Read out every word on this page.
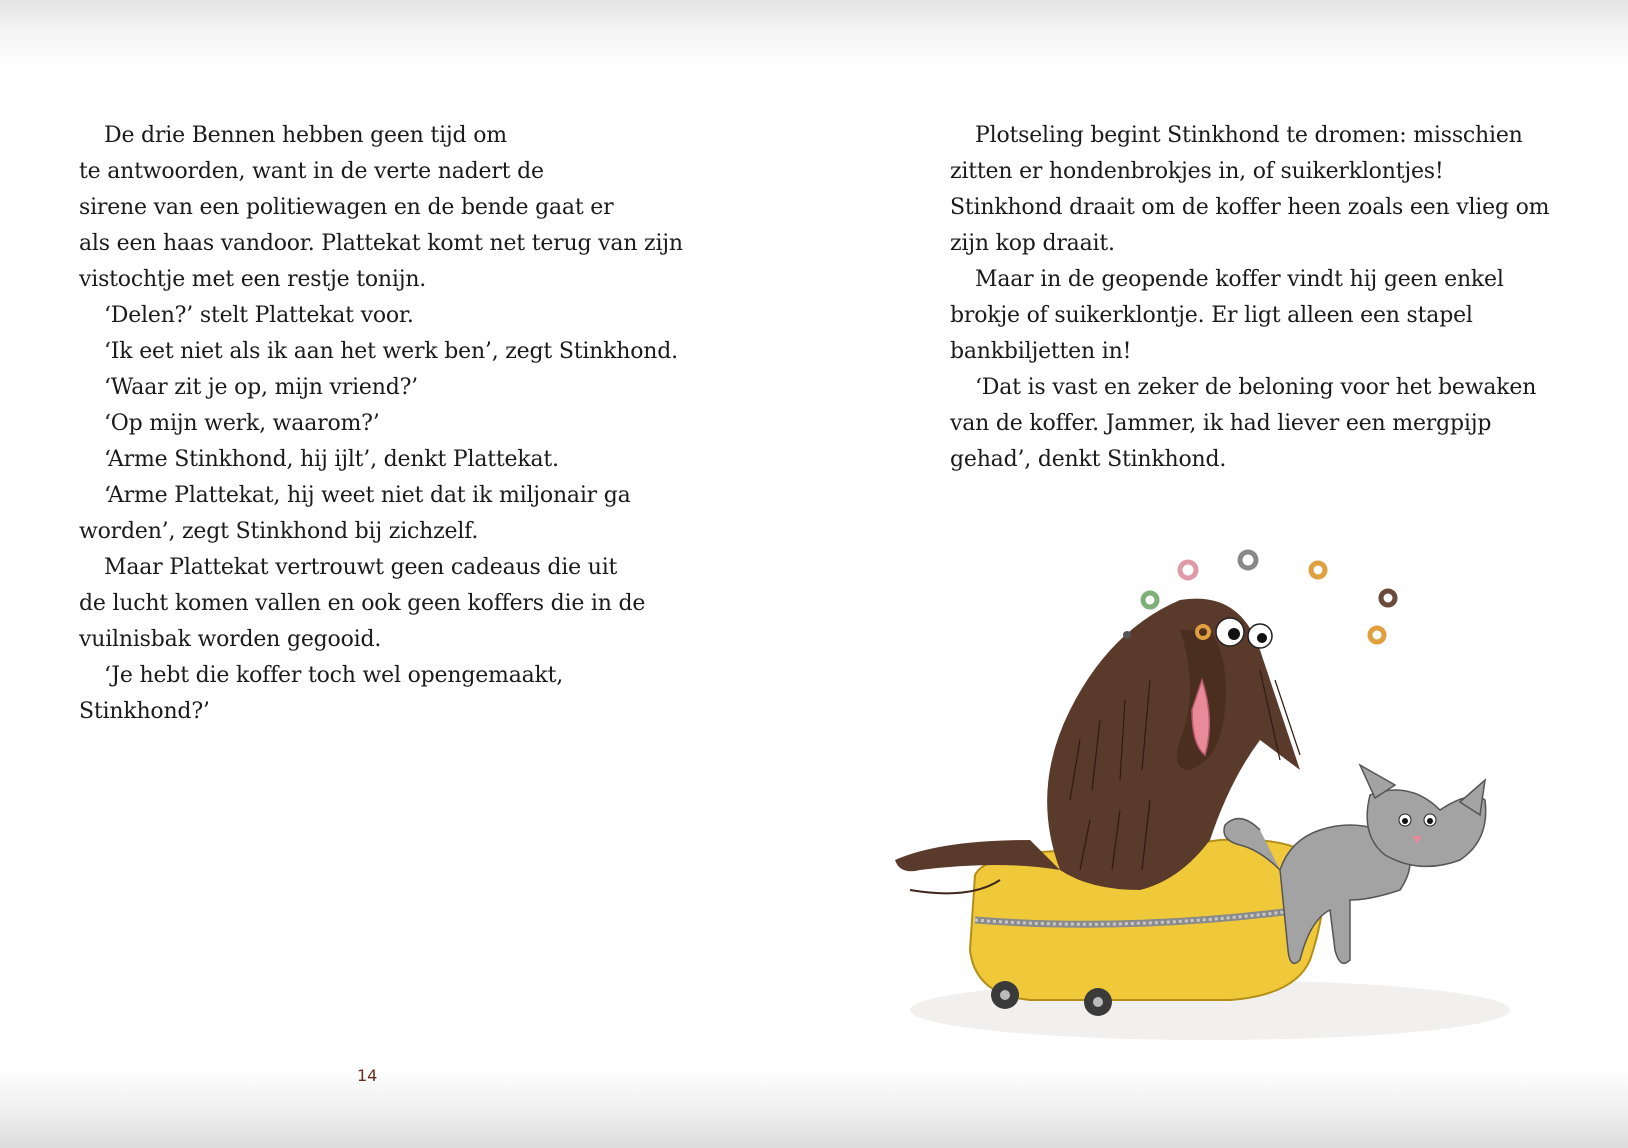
De drie Bennen hebben geen tijd om
te antwoorden, want in de verte nadert de
sirene van een politiewagen en de bende gaat er
als een haas vandoor. Plattekat komt net terug van zijn
vistochtje met een restje tonijn.
‘Delen?’ stelt Plattekat voor.
‘Ik eet niet als ik aan het werk ben’, zegt Stinkhond.
‘Waar zit je op, mijn vriend?’
‘Op mijn werk, waarom?’
‘Arme Stinkhond, hij ijlt’, denkt Plattekat.
‘Arme Plattekat, hij weet niet dat ik miljonair ga
worden’, zegt Stinkhond bij zichzelf.
Maar Plattekat vertrouwt geen cadeaus die uit
de lucht komen vallen en ook geen koffers die in de
vuilnisbak worden gegooid.
‘Je hebt die koffer toch wel opengemaakt,
Stinkhond?’
Plotseling begint Stinkhond te dromen: misschien
zitten er hondenbrokjes in, of suikerklontjes!
Stinkhond draait om de koffer heen zoals een vlieg om
zijn kop draait.
Maar in de geopende koffer vindt hij geen enkel
brokje of suikerklontje. Er ligt alleen een stapel
bankbiljetten in!
‘Dat is vast en zeker de beloning voor het bewaken
van de koffer. Jammer, ik had liever een mergpijp
gehad’, denkt Stinkhond.
14
